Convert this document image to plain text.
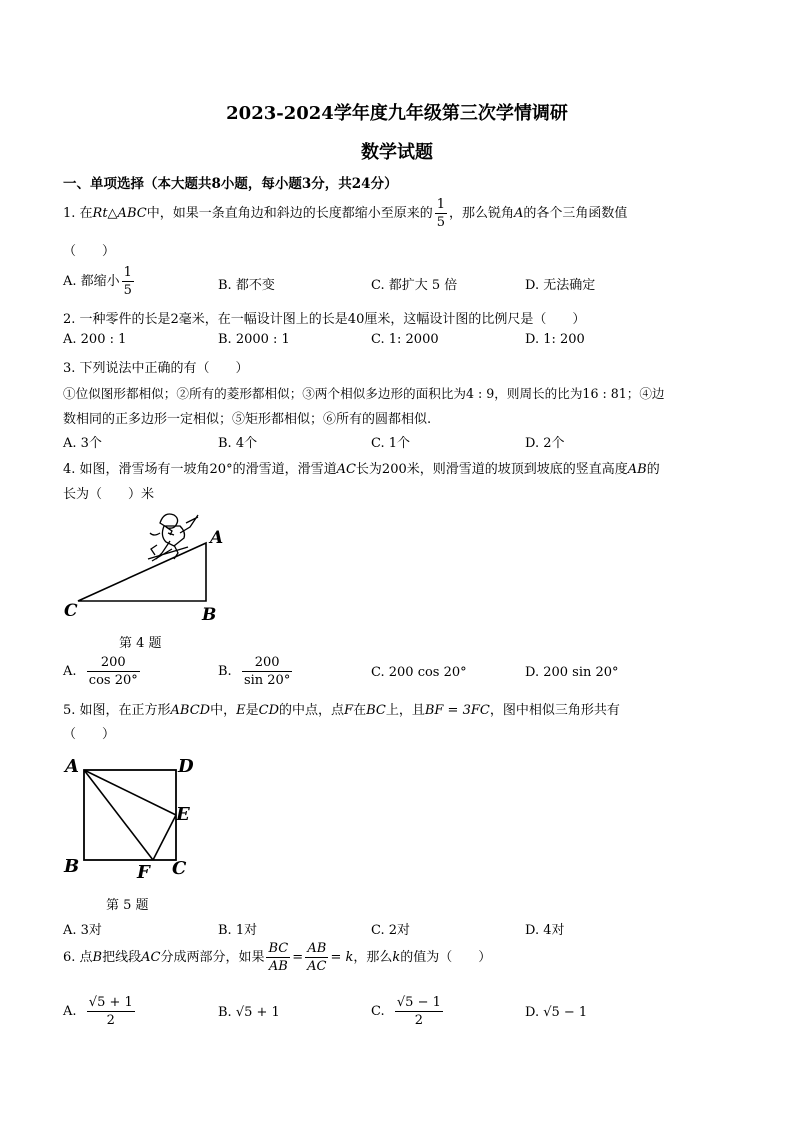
2023-2024学年度九年级第三次学情调研
数学试题
一、单项选择（本大题共8小题，每小题3分，共24分）
1. 在Rt△ABC中，如果一条直角边和斜边的长度都缩小至原来的 $\frac{1}{5}$ ，那么锐角A的各个三角函数值
（　　）
A. 都缩小 $\frac{1}{5}$	B. 都不变	C. 都扩大 5 倍	D. 无法确定
2. 一种零件的长是2毫米，在一幅设计图上的长是40厘米，这幅设计图的比例尺是（　　）
A. 200 : 1	B. 2000 : 1	C. 1: 2000	D. 1: 200
3. 下列说法中正确的有（　　）
①位似图形都相似；②所有的菱形都相似；③两个相似多边形的面积比为4 : 9，则周长的比为16 : 81；④边
数相同的正多边形一定相似；⑤矩形都相似；⑥所有的圆都相似.
A. 3个	B. 4个	C. 1个	D. 2个
4. 如图，滑雪场有一坡角20°的滑雪道，滑雪道AC长为200米，则滑雪道的坡顶到坡底的竖直高度AB的
长为（　　）米
A
B
C
第 4 题
A. $\frac{200}{\cos 20^\circ}$	B. $\frac{200}{\sin 20^\circ}$	C. 200 cos 20°	D. 200 sin 20°
5. 如图，在正方形ABCD中，E是CD的中点，点F在BC上，且BF = 3FC，图中相似三角形共有
（　　）
A	D
E
B	F C
第 5 题
A. 3对	B. 1对	C. 2对	D. 4对
6. 点B把线段AC分成两部分，如果 $\frac{BC}{AB} = \frac{AB}{AC} = k$，那么k的值为（　　）
A. $\frac{√5 + 1}{2}$	B. √5 + 1	C. $\frac{√5 - 1}{2}$	D. √5 − 1
